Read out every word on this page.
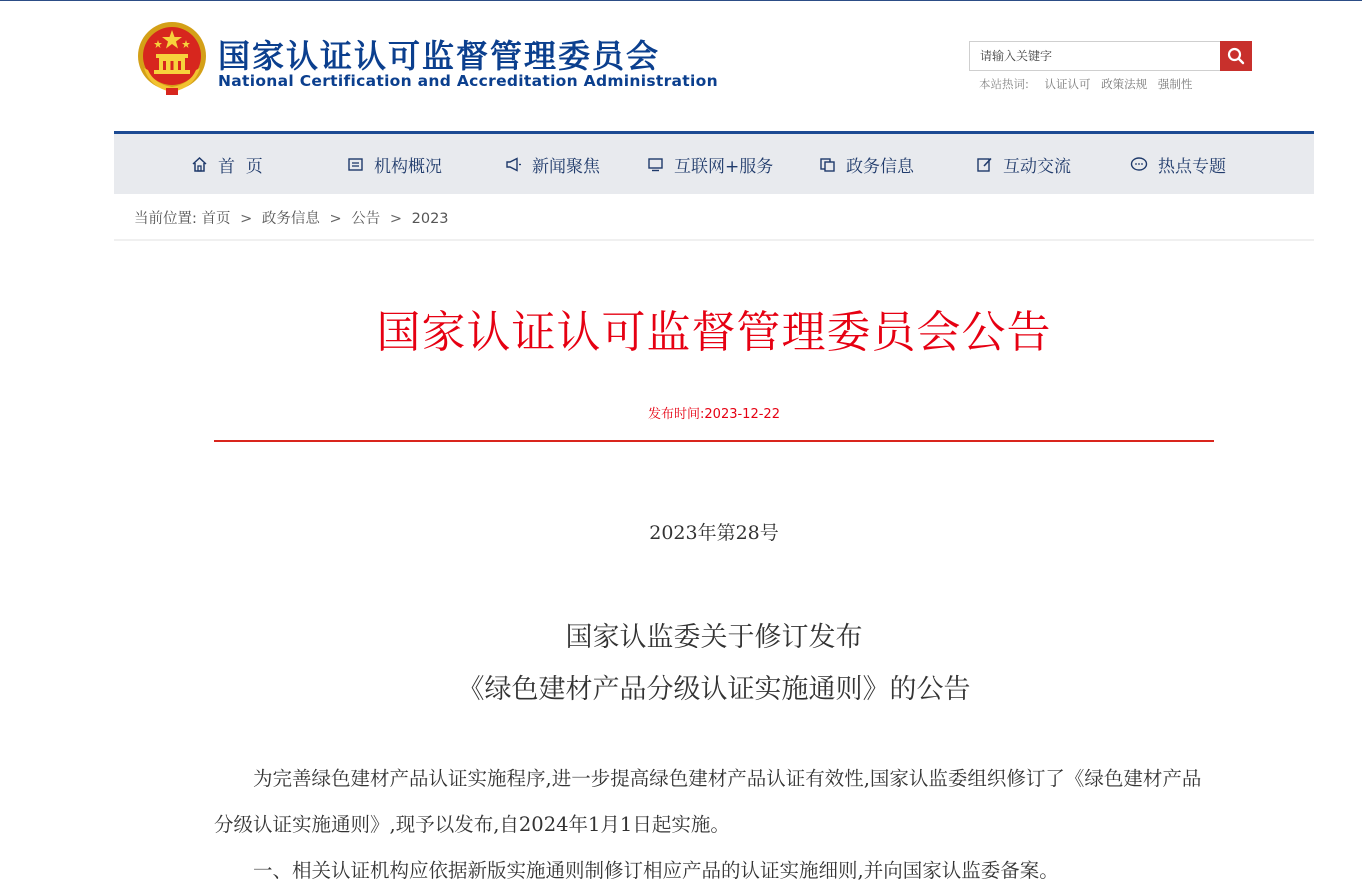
国家认证认可监督管理委员会
National Certification and Accreditation Administration
请输入关键字	本站热词: 认证认可 政策法规 强制性
首  页	机构概况	新闻聚焦	互联网+服务	政务信息	互动交流	热点专题
当前位置: 首页 > 政务信息 > 公告 > 2023
国家认证认可监督管理委员会公告
发布时间:2023-12-22
2023年第28号
国家认监委关于修订发布
《绿色建材产品分级认证实施通则》的公告
为完善绿色建材产品认证实施程序,进一步提高绿色建材产品认证有效性,国家认监委组织修订了《绿色建材产品分级认证实施通则》,现予以发布,自2024年1月1日起实施。
一、相关认证机构应依据新版实施通则制修订相应产品的认证实施细则,并向国家认监委备案。
